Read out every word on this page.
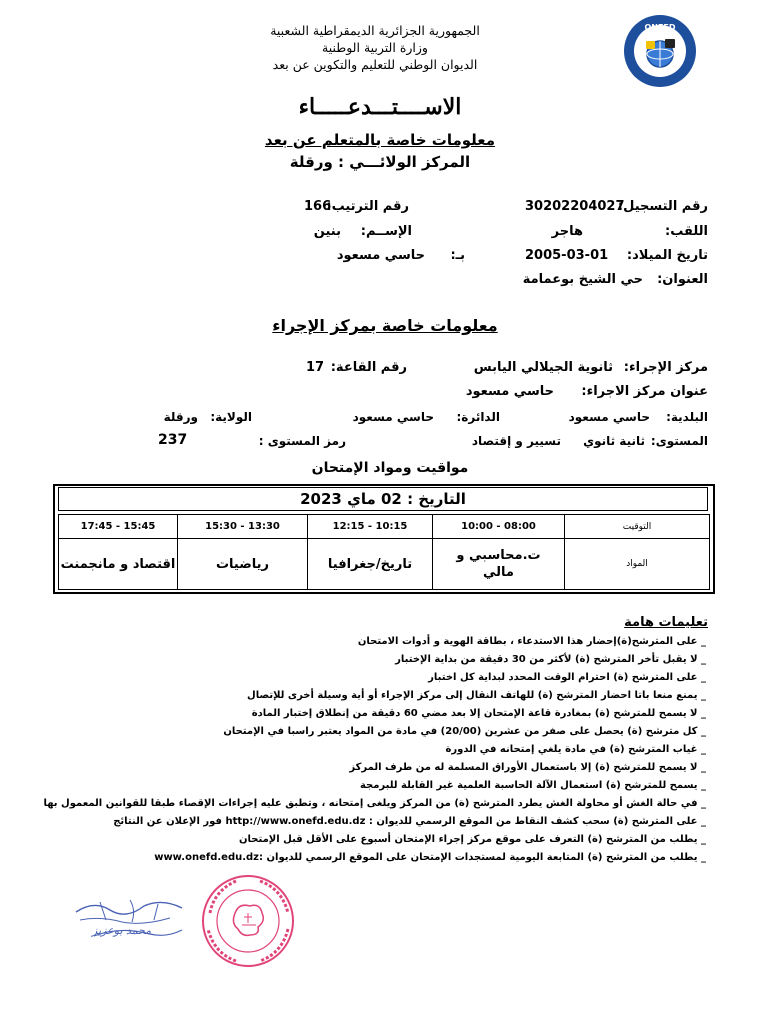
الجمهورية الجزائرية الديمقراطية الشعبية
وزارة التربية الوطنية
الديوان الوطني للتعليم والتكوين عن بعد
ONEFD
الاســــتـــدعـــــاء
معلومات خاصة بالمتعلم عن بعد
المركز الولائـــي : ورقلة
رقم التسجيل:
30202204027
رقم الترتيب:
166
اللقب:
هاجر
الإســم:
بنين
تاريخ الميلاد:
2005-03-01
بـ:
حاسي مسعود
العنوان:
حي الشيخ بوعمامة
معلومات خاصة بمركز الإجراء
مركز الإجراء:
ثانوية الجيلالي اليابس
رقم القاعة:
17
عنوان مركز الاجراء:
حاسي مسعود
البلدية:
حاسي مسعود
الدائرة:
حاسي مسعود
الولاية:
ورقلة
المستوى:
ثانية ثانوي
تسيير و إقتصاد
رمز المستوى :
237
مواقيت ومواد الإمتحان
التاريخ : 02 ماي 2023
17:45 - 15:45	15:30 - 13:30	12:15 - 10:15	10:00 - 08:00	التوقيت
اقتصاد و مانجمنت	رياضيات	تاريخ/جغرافيا	ت.محاسبي و مالي	المواد
تعليمات هامة
_ على المترشح(ة)إحضار هذا الاستدعاء ، بطاقة الهوية و أدوات الامتحان
_ لا يقبل تأخر المترشح (ة) لأكثر من 30 دقيقة من بداية الإختبار
_ على المترشح (ة) احترام الوقت المحدد لبداية كل اختبار
_ يمنع منعا باتا احضار المترشح (ة) للهاتف النقال إلى مركز الإجراء أو أية وسيلة أخرى للإتصال
_ لا يسمح للمترشح (ة) بمغادرة قاعة الإمتحان إلا بعد مضي 60 دقيقة من إنطلاق إختبار المادة
_ كل مترشح (ة) يحصل على صفر من عشرين (20/00) في مادة من المواد يعتبر راسبا في الإمتحان
_ غياب المترشح (ة) في مادة يلغي إمتحانه في الدورة
_ لا يسمح للمترشح (ة) إلا باستعمال الأوراق المسلمة له من طرف المركز
_ يسمح للمترشح (ة) استعمال الآلة الحاسبة العلمية غير القابلة للبرمجة
_ في حالة الغش أو محاولة الغش يطرد المترشح (ة) من المركز ويلغى إمتحانه ، وتطبق عليه إجراءات الإقصاء طبقا للقوانين المعمول بها
_ على المترشح (ة) سحب كشف النقاط من الموقع الرسمي للديوان : http://www.onefd.edu.dz فور الإعلان عن النتائج
_ يطلب من المترشح (ة) التعرف على موقع مركز إجراء الإمتحان أسبوع على الأقل قبل الإمتحان
_ يطلب من المترشح (ة) المتابعة اليومية لمستجدات الإمتحان على الموقع الرسمي للديوان :www.onefd.edu.dz
محمد بوعزيز
